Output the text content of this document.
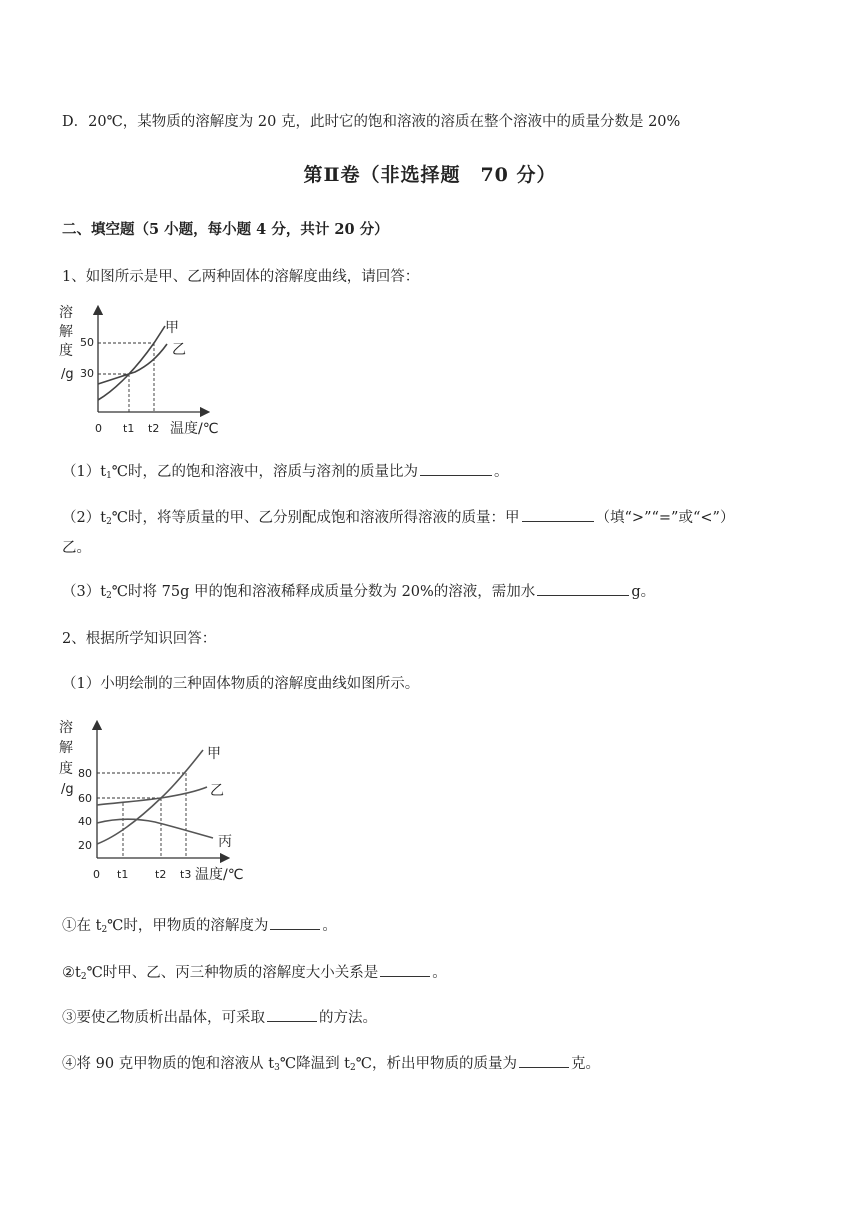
D．20℃，某物质的溶解度为 20 克，此时它的饱和溶液的溶质在整个溶液中的质量分数是 20%
第Ⅱ卷（非选择题　70 分）
二、填空题（5 小题，每小题 4 分，共计 20 分）
1、如图所示是甲、乙两种固体的溶解度曲线，请回答：
溶
解
度
/g
50
30
甲
乙
0 t1 t2 温度/℃
$(1)t_1℃$时，乙的饱和溶液中，溶质与溶剂的质量比为	。
$(2)t_2℃$时，将等质量的甲、乙分别配成饱和溶液所得溶液的质量：甲	（填“>”“=”或“<”）
乙。
$(3)t_2℃$时将 75g 甲的饱和溶液稀释成质量分数为 20%的溶液，需加水	g。
2、根据所学知识回答：
（1）小明绘制的三种固体物质的溶解度曲线如图所示。
溶
解
度
/g
80
60
40
20
甲
乙
丙
0 t1 t2 t3 温度/℃
①在 $t_2℃$时，甲物质的溶解度为	。
$②t_2℃$时甲、乙、丙三种物质的溶解度大小关系是	。
③要使乙物质析出晶体，可采取	的方法。
④将 90 克甲物质的饱和溶液从 $t_3℃$降温到 $t_2℃$，析出甲物质的质量为	克。
